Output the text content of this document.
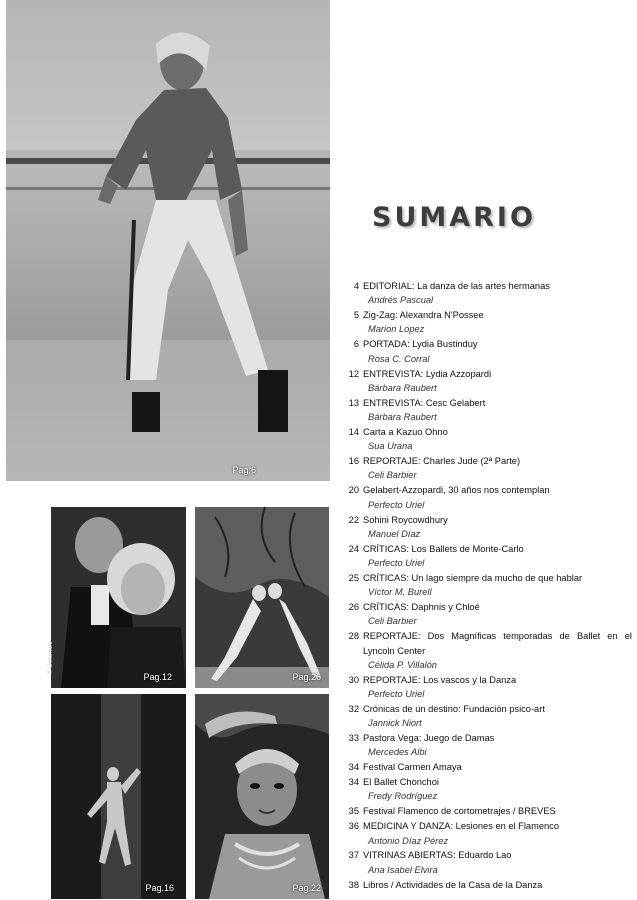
Pag.6
© Outumuro
Pag.12	Pag.26
Pag.16	Pag.22
SUMARIO
4 EDITORIAL: La danza de las artes hermanas
Andrés Pascual
5 Zig-Zag: Alexandra N'Possee
Marion Lopez
6 PORTADA: Lydia Bustinduy
Rosa C. Corral
12 ENTREVISTA: Lydia Azzopardi
Bárbara Raubert
13 ENTREVISTA: Cesc Gelabert
Bárbara Raubert
14 Carta a Kazuo Ohno
Sua Urana
16 REPORTAJE: Charles Jude (2ª Parte)
Celi Barbier
20 Gelabert-Azzopardi, 30 años nos contemplan
Perfecto Uriel
22 Sohini Roycowdhury
Manuel Díaz
24 CRÍTICAS: Los Ballets de Monte-Carlo
Perfecto Uriel
25 CRÍTICAS: Un lago siempre da mucho de que hablar
Víctor M. Burell
26 CRÍTICAS: Daphnis y Chloé
Celi Barbier
28 REPORTAJE: Dos Magníficas temporadas de Ballet en el Lyncoln Center
Célida P. Villalón
30 REPORTAJE: Los vascos y la Danza
Perfecto Uriel
32 Crónicas de un destino: Fundación psico-art
Jannick Niort
33 Pastora Vega: Juego de Damas
Mercedes Albi
34 Festival Carmen Amaya
34 El Ballet Chonchoi
Fredy Rodríguez
35 Festival Flamenco de cortometrajes / BREVES
36 MEDICINA Y DANZA: Lesiones en el Flamenco
Antonio Díaz Pérez
37 VITRINAS ABIERTAS: Eduardo Lao
Ana Isabel Elvira
38 Libros / Actividades de la Casa de la Danza
